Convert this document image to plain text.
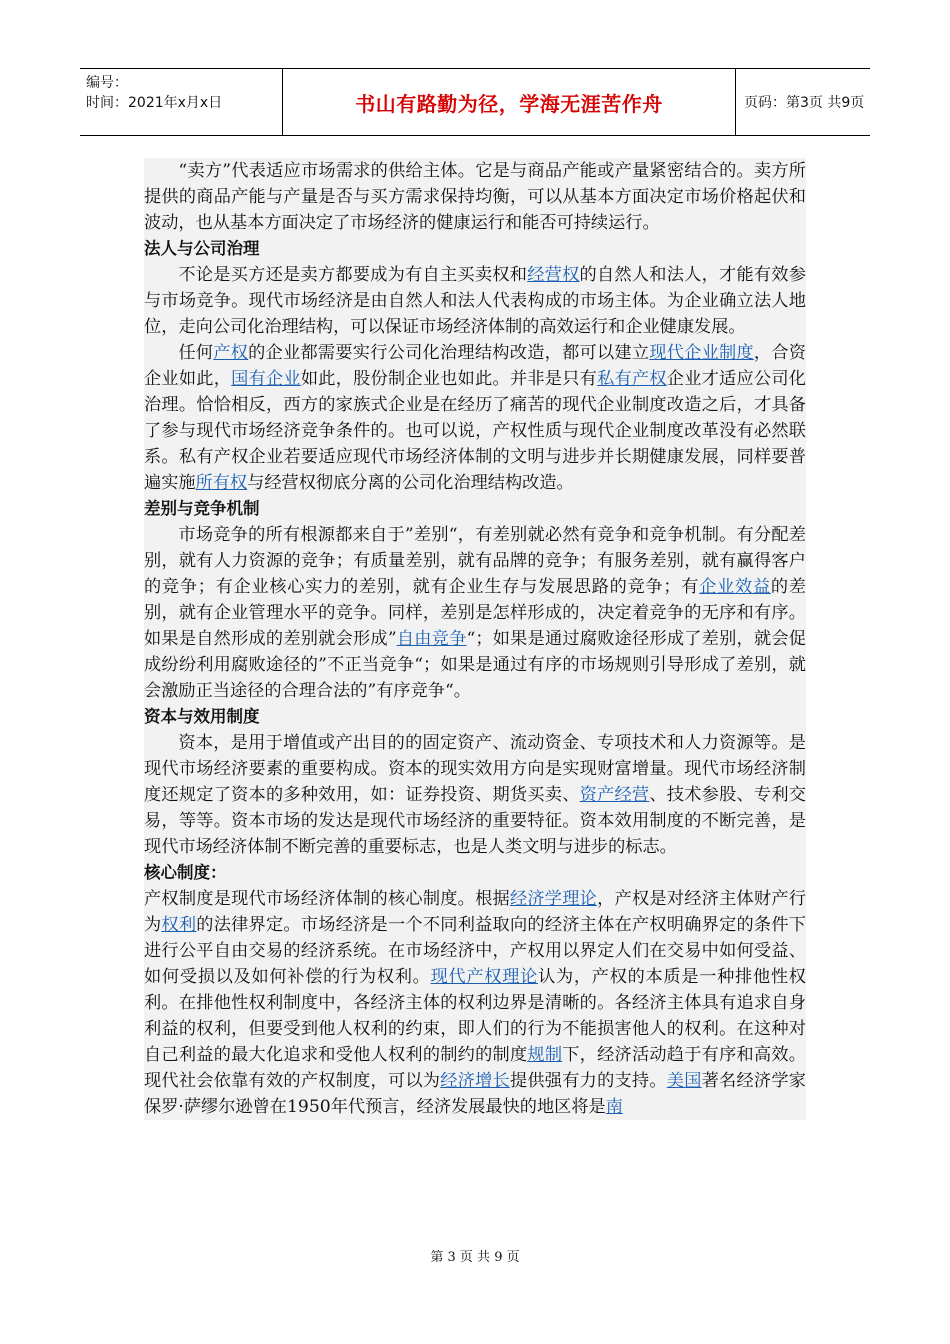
编号：
时间：2021年x月x日	书山有路勤为径，学海无涯苦作舟	页码：第3页 共9页

“卖方”代表适应市场需求的供给主体。它是与商品产能或产量紧密结合的。卖方所提供的商品产能与产量是否与买方需求保持均衡，可以从基本方面决定市场价格起伏和波动，也从基本方面决定了市场经济的健康运行和能否可持续运行。

法人与公司治理

不论是买方还是卖方都要成为有自主买卖权和经营权的自然人和法人，才能有效参与市场竞争。现代市场经济是由自然人和法人代表构成的市场主体。为企业确立法人地位，走向公司化治理结构，可以保证市场经济体制的高效运行和企业健康发展。

任何产权的企业都需要实行公司化治理结构改造，都可以建立现代企业制度，合资企业如此，国有企业如此，股份制企业也如此。并非是只有私有产权企业才适应公司化治理。恰恰相反，西方的家族式企业是在经历了痛苦的现代企业制度改造之后，才具备了参与现代市场经济竞争条件的。也可以说，产权性质与现代企业制度改革没有必然联系。私有产权企业若要适应现代市场经济体制的文明与进步并长期健康发展，同样要普遍实施所有权与经营权彻底分离的公司化治理结构改造。

差别与竞争机制

市场竞争的所有根源都来自于”差别“，有差别就必然有竞争和竞争机制。有分配差别，就有人力资源的竞争；有质量差别，就有品牌的竞争；有服务差别，就有赢得客户的竞争；有企业核心实力的差别，就有企业生存与发展思路的竞争；有企业效益的差别，就有企业管理水平的竞争。同样，差别是怎样形成的，决定着竞争的无序和有序。如果是自然形成的差别就会形成”自由竞争“；如果是通过腐败途径形成了差别，就会促成纷纷利用腐败途径的”不正当竞争“；如果是通过有序的市场规则引导形成了差别，就会激励正当途径的合理合法的”有序竞争“。

资本与效用制度

资本，是用于增值或产出目的的固定资产、流动资金、专项技术和人力资源等。是现代市场经济要素的重要构成。资本的现实效用方向是实现财富增量。现代市场经济制度还规定了资本的多种效用，如：证券投资、期货买卖、资产经营、技术参股、专利交易，等等。资本市场的发达是现代市场经济的重要特征。资本效用制度的不断完善，是现代市场经济体制不断完善的重要标志，也是人类文明与进步的标志。

核心制度：

产权制度是现代市场经济体制的核心制度。根据经济学理论，产权是对经济主体财产行为权利的法律界定。市场经济是一个不同利益取向的经济主体在产权明确界定的条件下进行公平自由交易的经济系统。在市场经济中，产权用以界定人们在交易中如何受益、如何受损以及如何补偿的行为权利。现代产权理论认为，产权的本质是一种排他性权利。在排他性权利制度中，各经济主体的权利边界是清晰的。各经济主体具有追求自身利益的权利，但要受到他人权利的约束，即人们的行为不能损害他人的权利。在这种对自己利益的最大化追求和受他人权利的制约的制度规制下，经济活动趋于有序和高效。现代社会依靠有效的产权制度，可以为经济增长提供强有力的支持。美国著名经济学家保罗·萨缪尔逊曾在1950年代预言，经济发展最快的地区将是南

第 3 页 共 9 页
